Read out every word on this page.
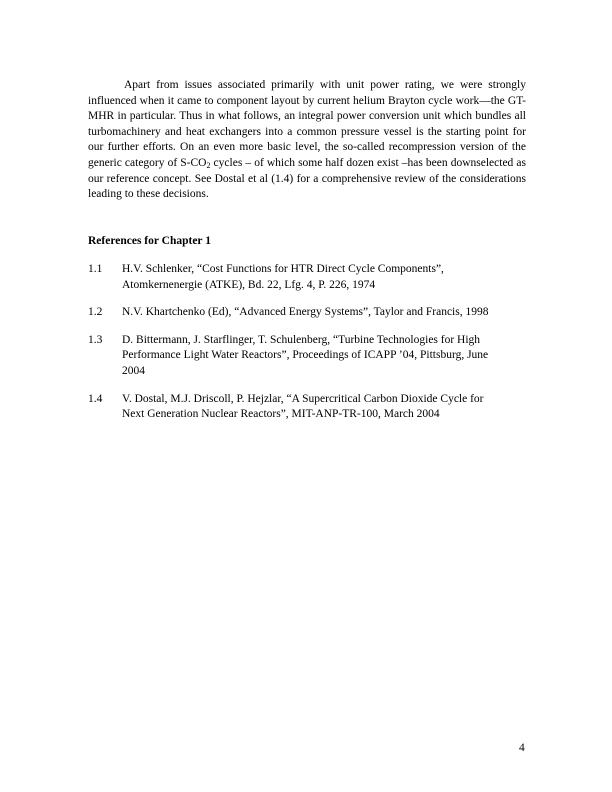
Apart from issues associated primarily with unit power rating, we were strongly influenced when it came to component layout by current helium Brayton cycle work—the GT-MHR in particular. Thus in what follows, an integral power conversion unit which bundles all turbomachinery and heat exchangers into a common pressure vessel is the starting point for our further efforts. On an even more basic level, the so-called recompression version of the generic category of $S-CO_2$ cycles – of which some half dozen exist –has been downselected as our reference concept. See Dostal et al (1.4) for a comprehensive review of the considerations leading to these decisions.

References for Chapter 1
1.1	H.V. Schlenker, “Cost Functions for HTR Direct Cycle Components”,
Atomkernenergie (ATKE), Bd. 22, Lfg. 4, P. 226, 1974
1.2	N.V. Khartchenko (Ed), “Advanced Energy Systems”, Taylor and Francis, 1998
1.3	D. Bittermann, J. Starflinger, T. Schulenberg, “Turbine Technologies for High
Performance Light Water Reactors”, Proceedings of ICAPP ’04, Pittsburg, June
2004
1.4	V. Dostal, M.J. Driscoll, P. Hejzlar, “A Supercritical Carbon Dioxide Cycle for
Next Generation Nuclear Reactors”, MIT-ANP-TR-100, March 2004
4
